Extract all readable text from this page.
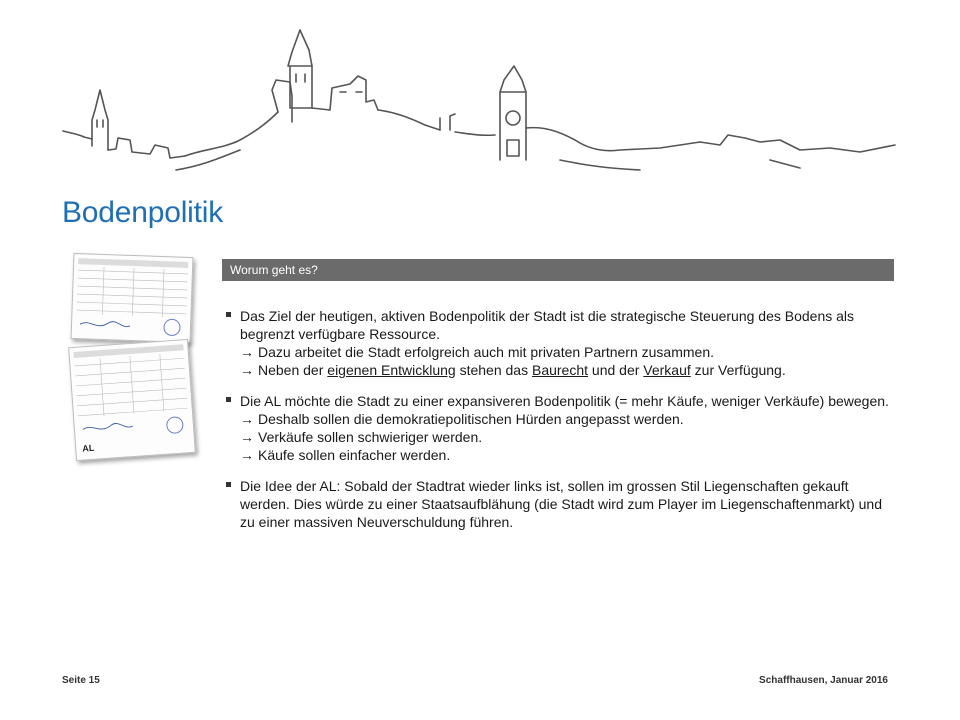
Bodenpolitik
AL
Worum geht es?
Das Ziel der heutigen, aktiven Bodenpolitik der Stadt ist die strategische Steuerung des Bodens als begrenzt verfügbare Ressource.
→ Dazu arbeitet die Stadt erfolgreich auch mit privaten Partnern zusammen.
→ Neben der eigenen Entwicklung stehen das Baurecht und der Verkauf zur Verfügung.
Die AL möchte die Stadt zu einer expansiveren Bodenpolitik (= mehr Käufe, weniger Verkäufe) bewegen.
→ Deshalb sollen die demokratiepolitischen Hürden angepasst werden.
→ Verkäufe sollen schwieriger werden.
→ Käufe sollen einfacher werden.
Die Idee der AL: Sobald der Stadtrat wieder links ist, sollen im grossen Stil Liegenschaften gekauft werden. Dies würde zu einer Staatsaufblähung (die Stadt wird zum Player im Liegenschaftenmarkt) und zu einer massiven Neuverschuldung führen.
Seite 15	Schaffhausen, Januar 2016
